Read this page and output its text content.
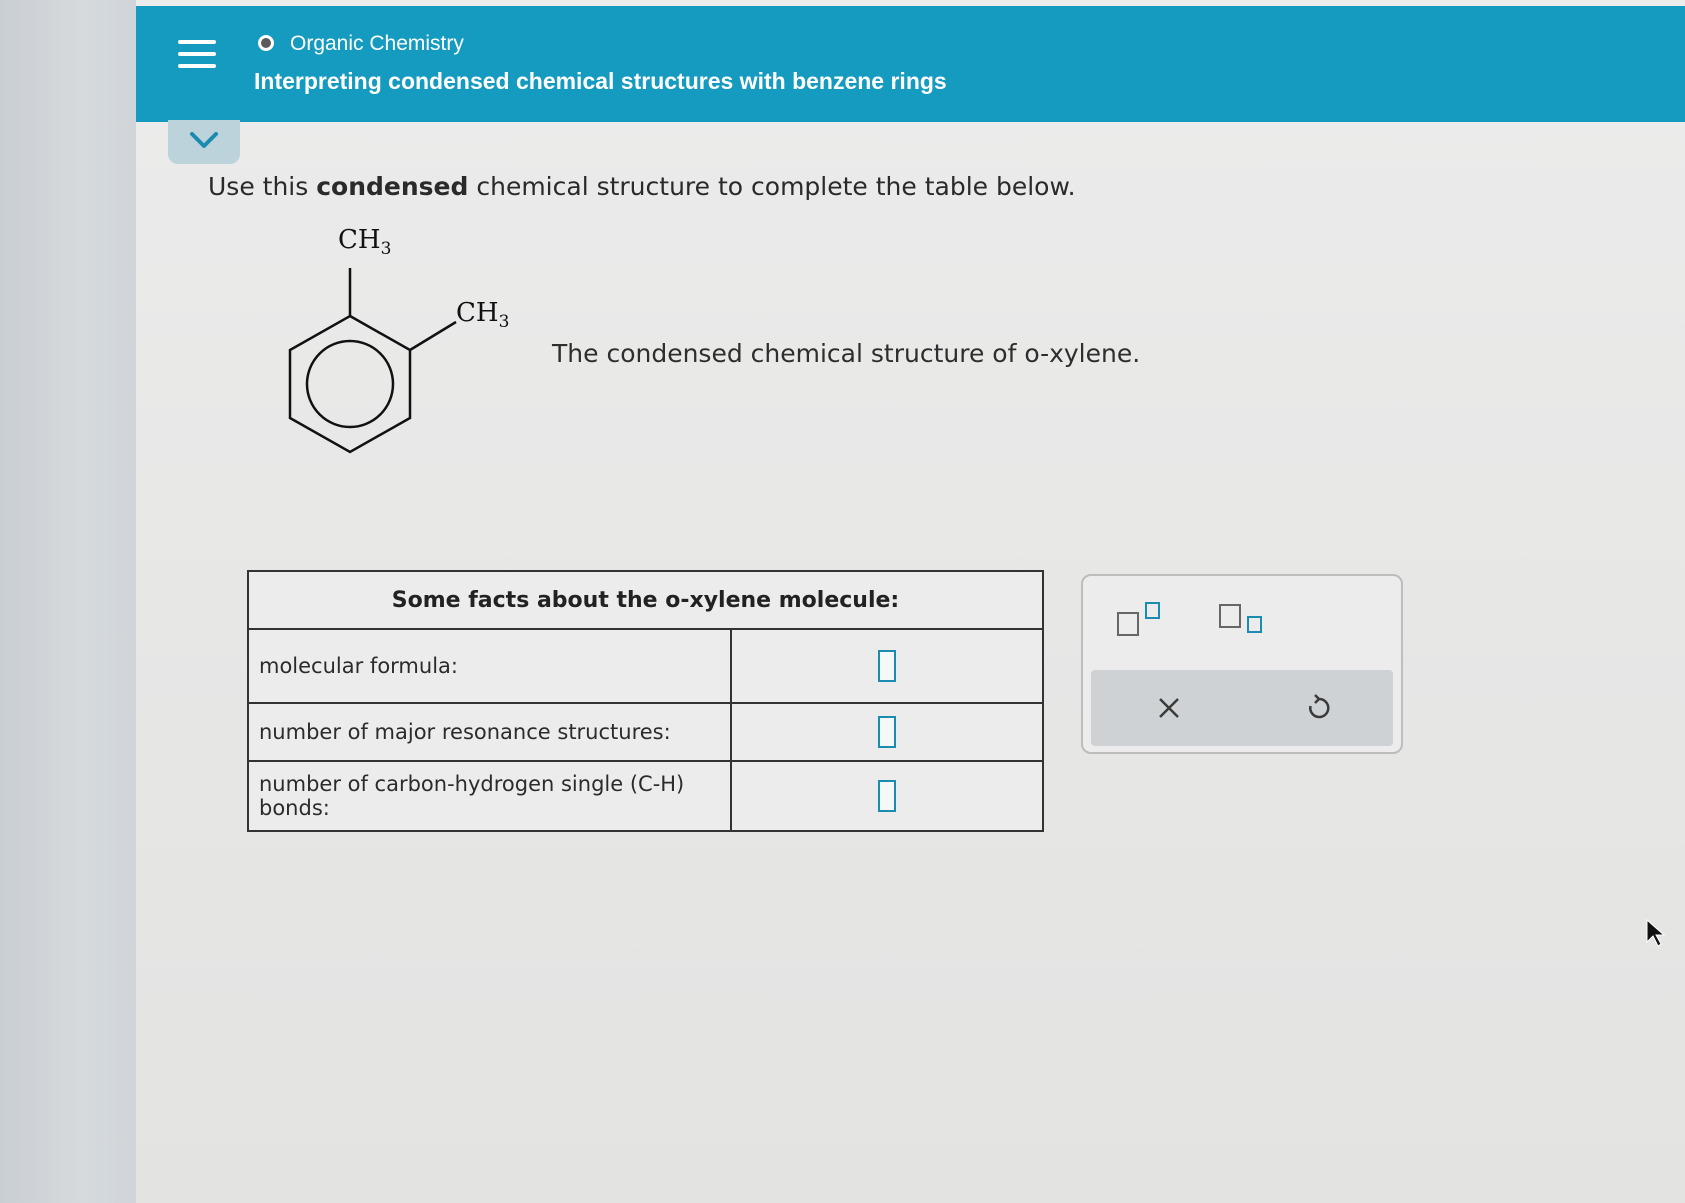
Organic Chemistry
Interpreting condensed chemical structures with benzene rings
Use this condensed chemical structure to complete the table below.
$CH_3$
$CH_3$
The condensed chemical structure of o-xylene.
Some facts about the o-xylene molecule:
molecular formula:
number of major resonance structures:
number of carbon-hydrogen single (C-H) bonds:
